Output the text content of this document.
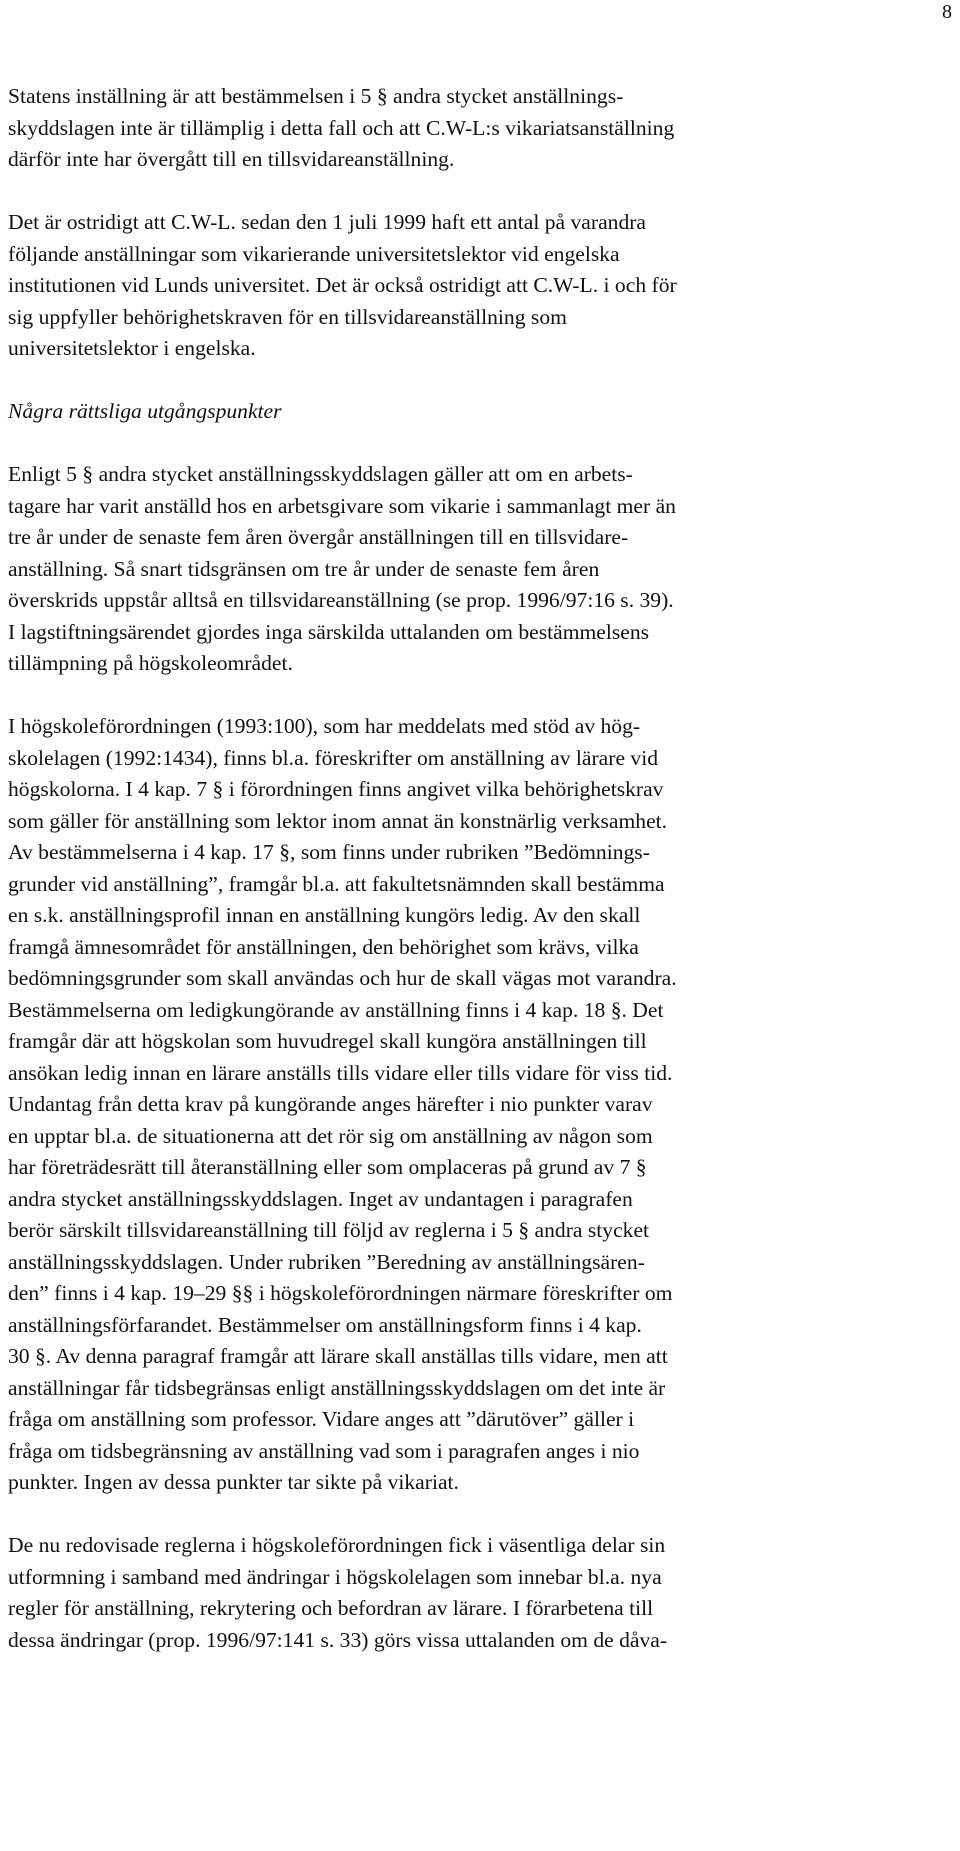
8

Statens inställning är att bestämmelsen i 5 § andra stycket anställnings-

skyddslagen inte är tillämplig i detta fall och att C.W-L:s vikariatsanställning

därför inte har övergått till en tillsvidareanställning.

Det är ostridigt att C.W-L. sedan den 1 juli 1999 haft ett antal på varandra

följande anställningar som vikarierande universitetslektor vid engelska

institutionen vid Lunds universitet. Det är också ostridigt att C.W-L. i och för

sig uppfyller behörighetskraven för en tillsvidareanställning som

universitetslektor i engelska.

Några rättsliga utgångspunkter

Enligt 5 § andra stycket anställningsskyddslagen gäller att om en arbets-

tagare har varit anställd hos en arbetsgivare som vikarie i sammanlagt mer än

tre år under de senaste fem åren övergår anställningen till en tillsvidare-

anställning. Så snart tidsgränsen om tre år under de senaste fem åren

överskrids uppstår alltså en tillsvidareanställning (se prop. 1996/97:16 s. 39).

I lagstiftningsärendet gjordes inga särskilda uttalanden om bestämmelsens

tillämpning på högskoleområdet.

I högskoleförordningen (1993:100), som har meddelats med stöd av hög-

skolelagen (1992:1434), finns bl.a. föreskrifter om anställning av lärare vid

högskolorna. I 4 kap. 7 § i förordningen finns angivet vilka behörighetskrav

som gäller för anställning som lektor inom annat än konstnärlig verksamhet.

Av bestämmelserna i 4 kap. 17 §, som finns under rubriken ”Bedömnings-

grunder vid anställning”, framgår bl.a. att fakultetsnämnden skall bestämma

en s.k. anställningsprofil innan en anställning kungörs ledig. Av den skall

framgå ämnesområdet för anställningen, den behörighet som krävs, vilka

bedömningsgrunder som skall användas och hur de skall vägas mot varandra.

Bestämmelserna om ledigkungörande av anställning finns i 4 kap. 18 §. Det

framgår där att högskolan som huvudregel skall kungöra anställningen till

ansökan ledig innan en lärare anställs tills vidare eller tills vidare för viss tid.

Undantag från detta krav på kungörande anges härefter i nio punkter varav

en upptar bl.a. de situationerna att det rör sig om anställning av någon som

har företrädesrätt till återanställning eller som omplaceras på grund av 7 §

andra stycket anställningsskyddslagen. Inget av undantagen i paragrafen

berör särskilt tillsvidareanställning till följd av reglerna i 5 § andra stycket

anställningsskyddslagen. Under rubriken ”Beredning av anställningsären-

den” finns i 4 kap. 19–29 §§ i högskoleförordningen närmare föreskrifter om

anställningsförfarandet. Bestämmelser om anställningsform finns i 4 kap.

30 §. Av denna paragraf framgår att lärare skall anställas tills vidare, men att

anställningar får tidsbegränsas enligt anställningsskyddslagen om det inte är

fråga om anställning som professor. Vidare anges att ”därutöver” gäller i

fråga om tidsbegränsning av anställning vad som i paragrafen anges i nio

punkter. Ingen av dessa punkter tar sikte på vikariat.

De nu redovisade reglerna i högskoleförordningen fick i väsentliga delar sin

utformning i samband med ändringar i högskolelagen som innebar bl.a. nya

regler för anställning, rekrytering och befordran av lärare. I förarbetena till

dessa ändringar (prop. 1996/97:141 s. 33) görs vissa uttalanden om de dåva-
